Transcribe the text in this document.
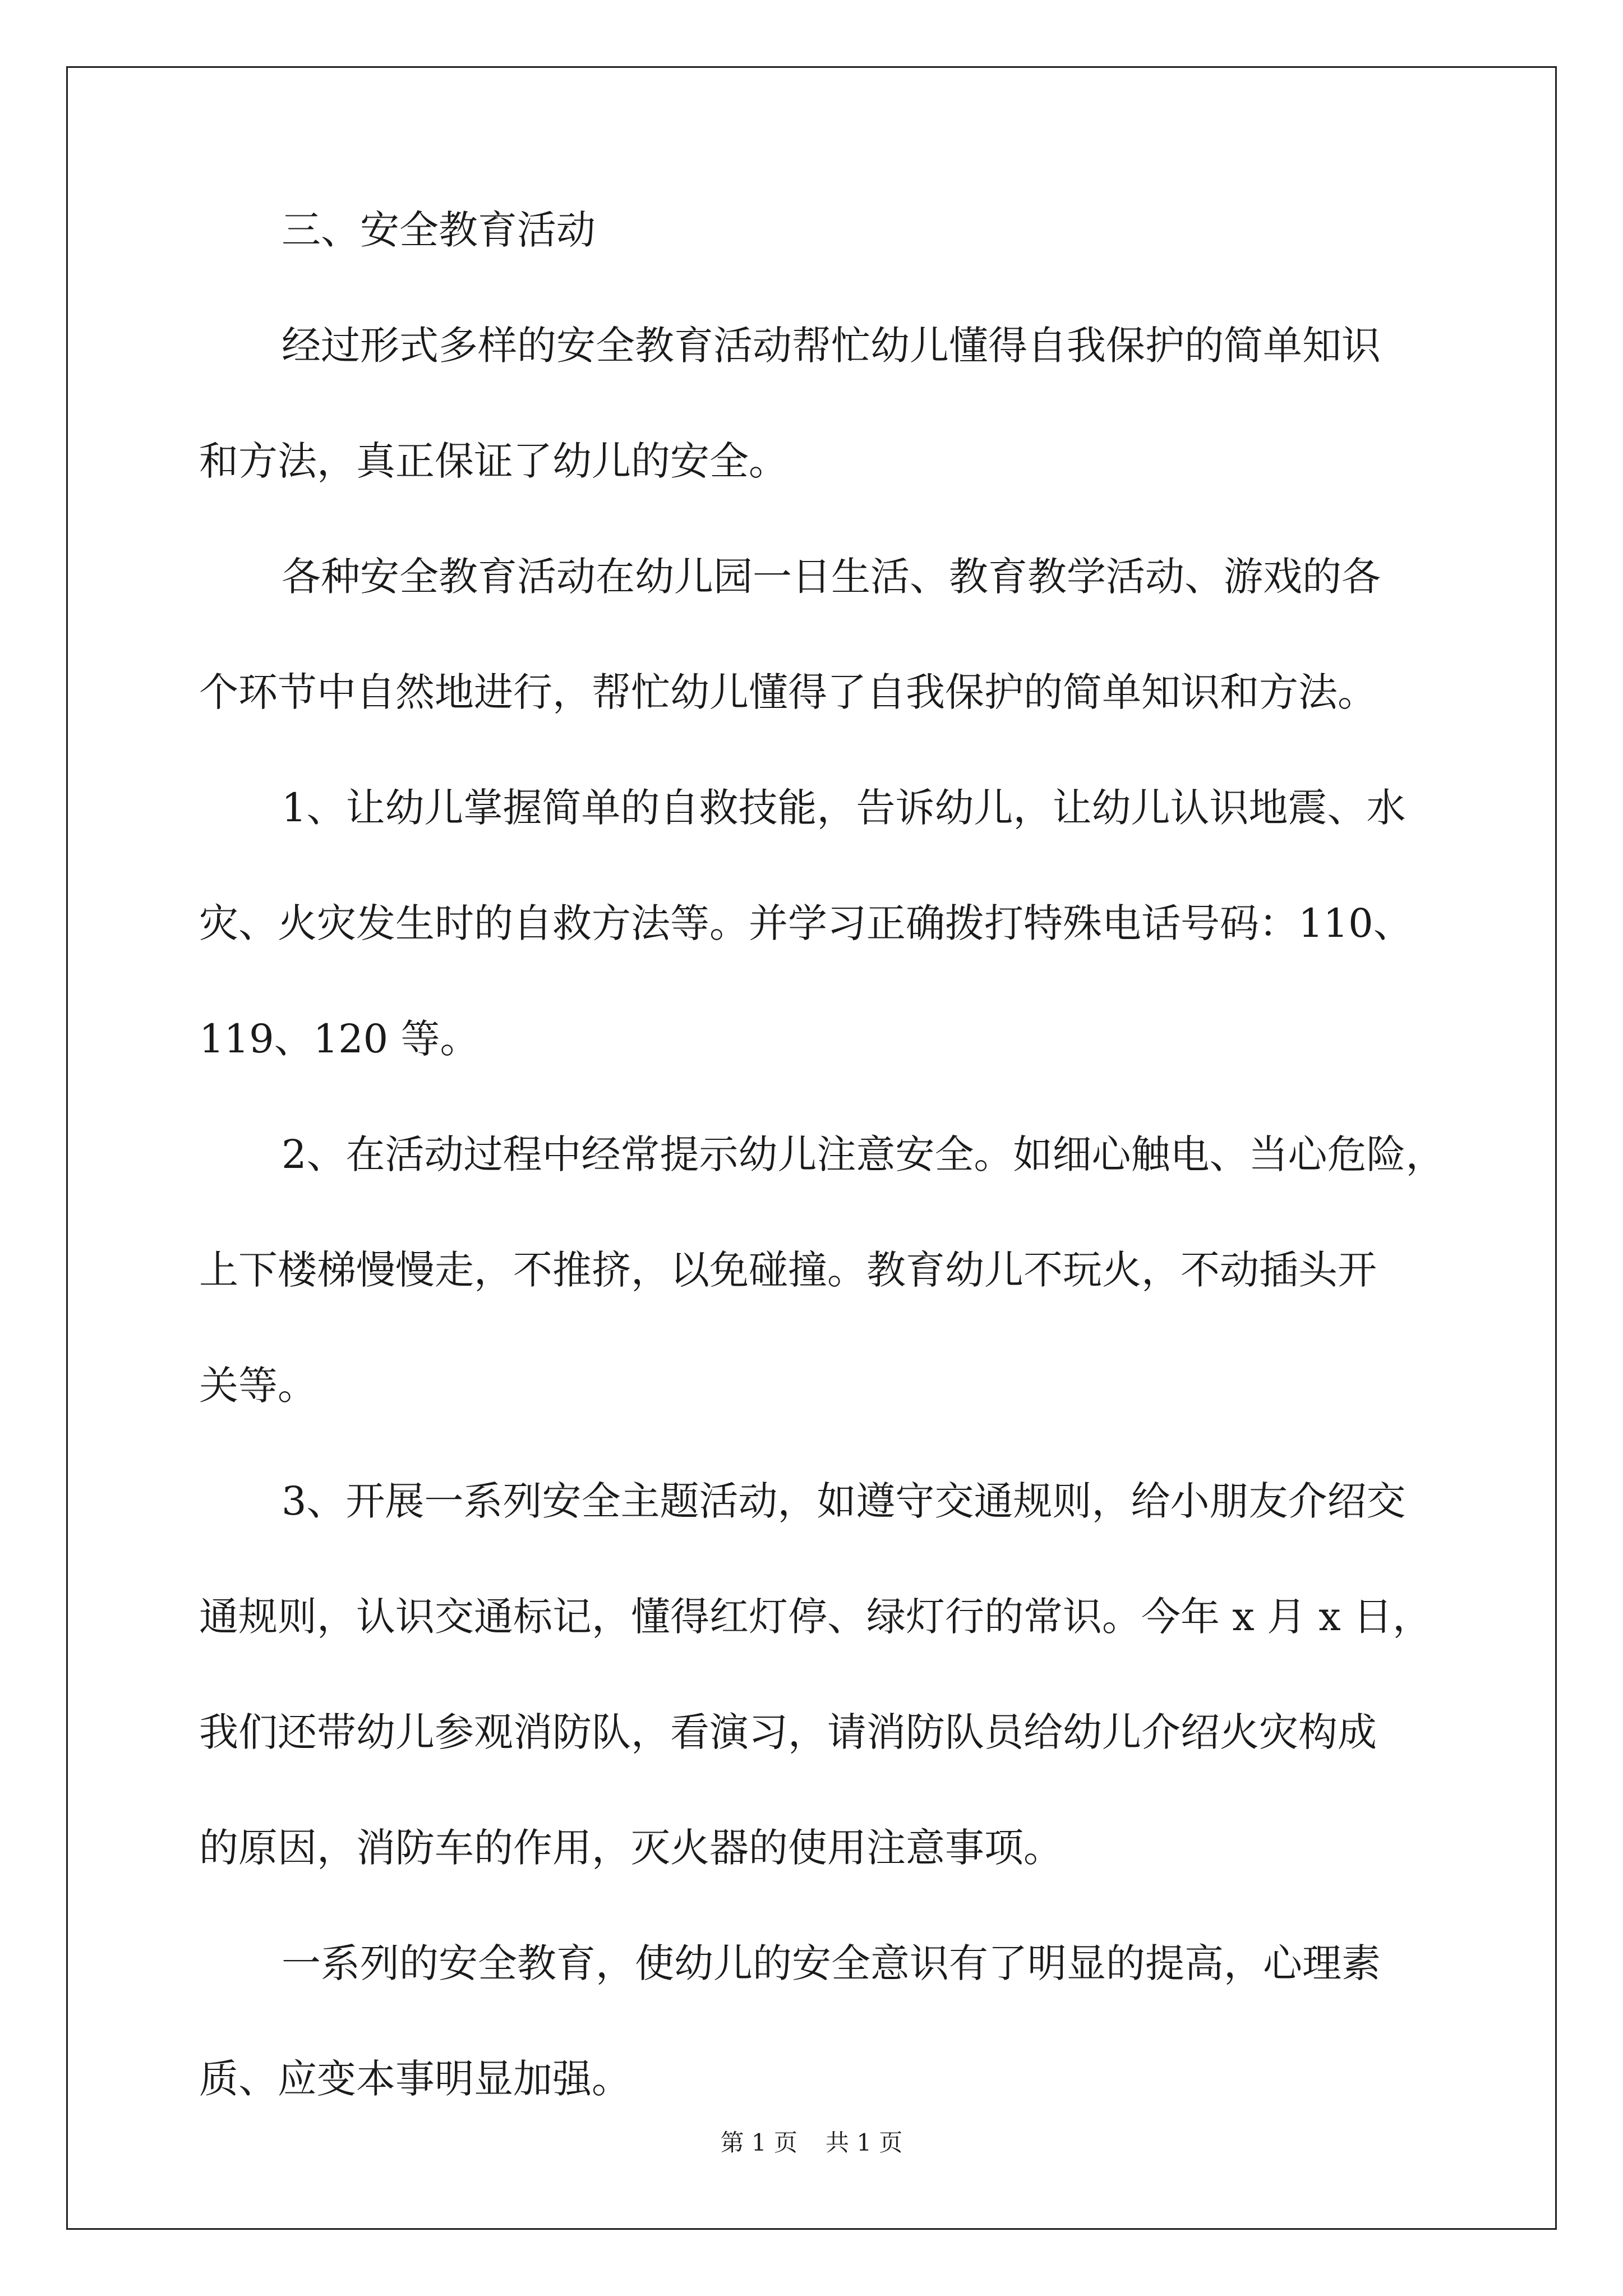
三、安全教育活动
经过形式多样的安全教育活动帮忙幼儿懂得自我保护的简单知识
和方法，真正保证了幼儿的安全。
各种安全教育活动在幼儿园一日生活、教育教学活动、游戏的各
个环节中自然地进行，帮忙幼儿懂得了自我保护的简单知识和方法。
1、让幼儿掌握简单的自救技能，告诉幼儿，让幼儿认识地震、水
灾、火灾发生时的自救方法等。并学习正确拨打特殊电话号码：110、
119、120 等。
2、在活动过程中经常提示幼儿注意安全。如细心触电、当心危险，
上下楼梯慢慢走，不推挤，以免碰撞。教育幼儿不玩火，不动插头开
关等。
3、开展一系列安全主题活动，如遵守交通规则，给小朋友介绍交
通规则，认识交通标记，懂得红灯停、绿灯行的常识。今年 x 月 x 日，
我们还带幼儿参观消防队，看演习，请消防队员给幼儿介绍火灾构成
的原因，消防车的作用，灭火器的使用注意事项。
一系列的安全教育，使幼儿的安全意识有了明显的提高，心理素
质、应变本事明显加强。
第 1 页 共 1 页
